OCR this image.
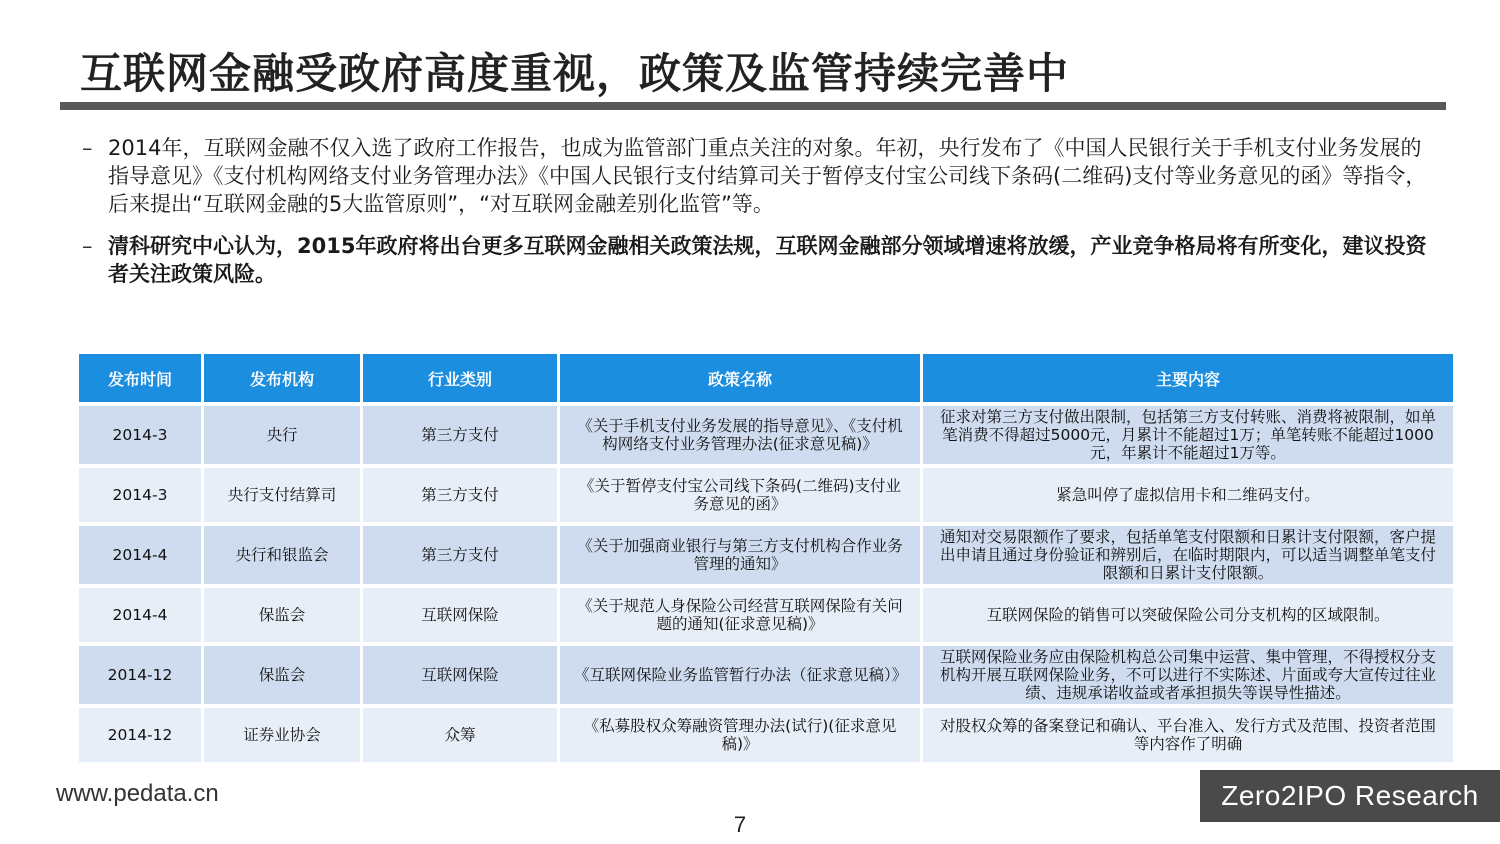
互联网金融受政府高度重视，政策及监管持续完善中
– 2014年，互联网金融不仅入选了政府工作报告，也成为监管部门重点关注的对象。年初，央行发布了《中国人民银行关于手机支付业务发展的指导意见》《支付机构网络支付业务管理办法》《中国人民银行支付结算司关于暂停支付宝公司线下条码(二维码)支付等业务意见的函》等指令，后来提出“互联网金融的5大监管原则”，“对互联网金融差别化监管”等。
– 清科研究中心认为，2015年政府将出台更多互联网金融相关政策法规，互联网金融部分领域增速将放缓，产业竞争格局将有所变化，建议投资者关注政策风险。
发布时间	发布机构	行业类别	政策名称	主要内容
2014-3	央行	第三方支付	《关于手机支付业务发展的指导意见》、《支付机构网络支付业务管理办法(征求意见稿)》	征求对第三方支付做出限制，包括第三方支付转账、消费将被限制，如单笔消费不得超过5000元，月累计不能超过1万；单笔转账不能超过1000元，年累计不能超过1万等。
2014-3	央行支付结算司	第三方支付	《关于暂停支付宝公司线下条码(二维码)支付业务意见的函》	紧急叫停了虚拟信用卡和二维码支付。
2014-4	央行和银监会	第三方支付	《关于加强商业银行与第三方支付机构合作业务管理的通知》	通知对交易限额作了要求，包括单笔支付限额和日累计支付限额，客户提出申请且通过身份验证和辨别后，在临时期限内，可以适当调整单笔支付限额和日累计支付限额。
2014-4	保监会	互联网保险	《关于规范人身保险公司经营互联网保险有关问题的通知(征求意见稿)》	互联网保险的销售可以突破保险公司分支机构的区域限制。
2014-12	保监会	互联网保险	《互联网保险业务监管暂行办法（征求意见稿）》	互联网保险业务应由保险机构总公司集中运营、集中管理，不得授权分支机构开展互联网保险业务，不可以进行不实陈述、片面或夸大宣传过往业绩、违规承诺收益或者承担损失等误导性描述。
2014-12	证券业协会	众筹	《私募股权众筹融资管理办法(试行)(征求意见稿)》	对股权众筹的备案登记和确认、平台准入、发行方式及范围、投资者范围等内容作了明确
www.pedata.cn	Zero2IPO Research
7
